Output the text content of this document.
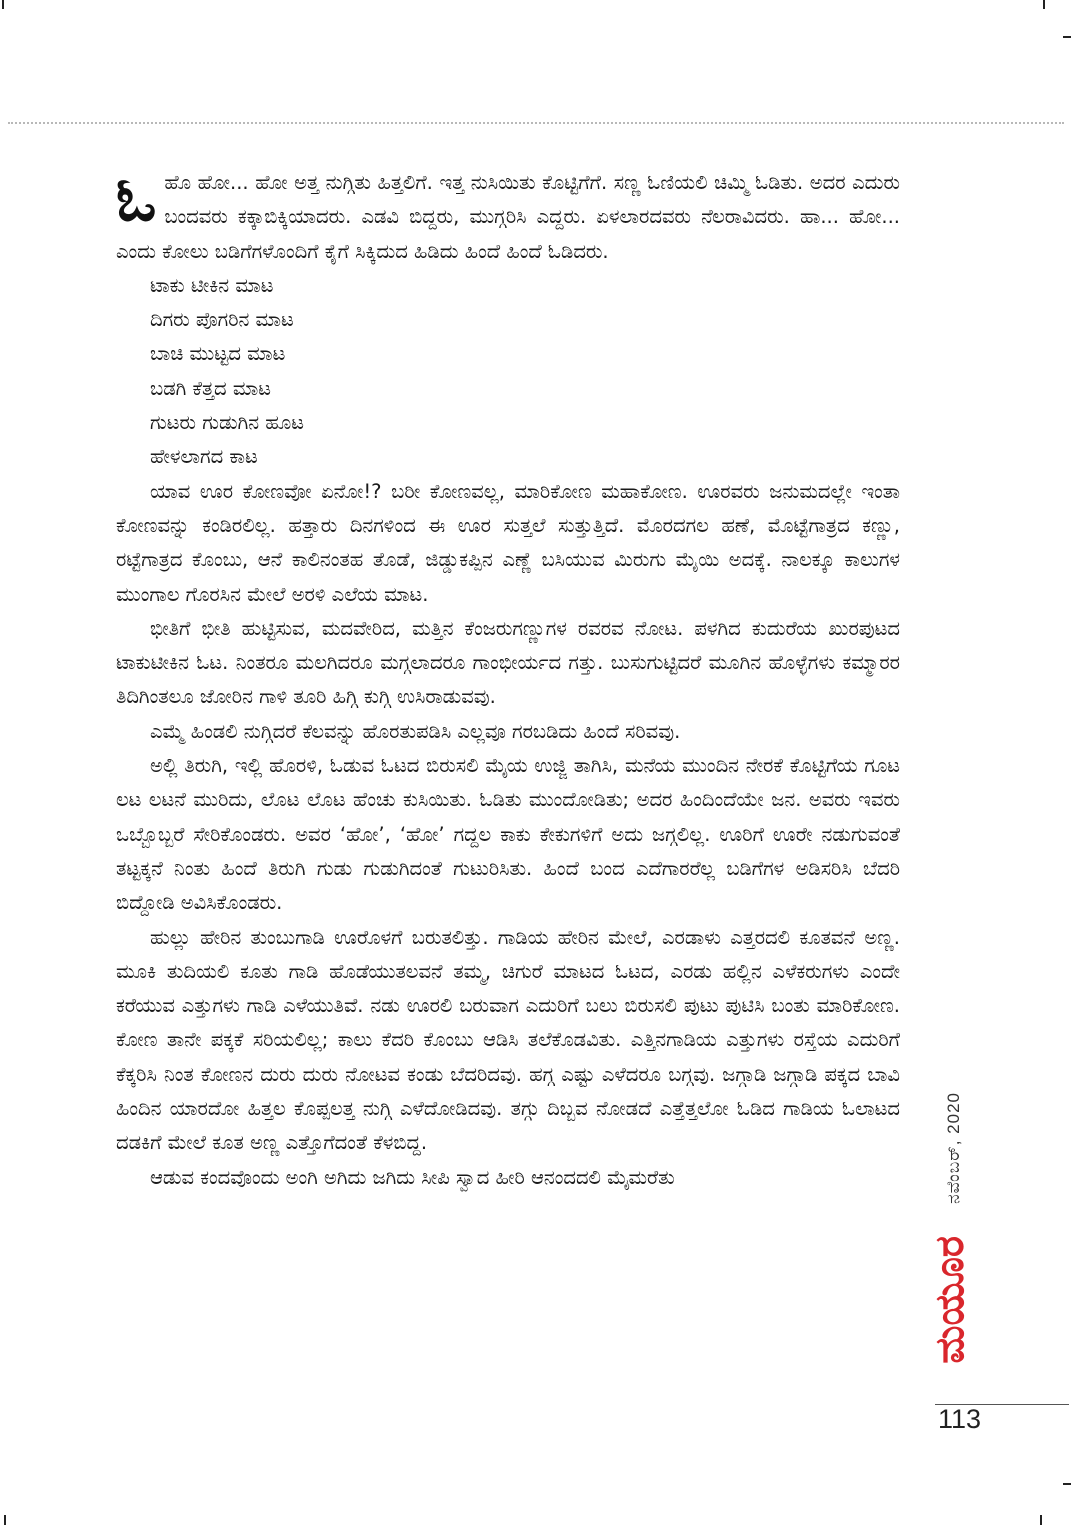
ಓಹೊ ಹೋ... ಹೋ ಅತ್ತ ನುಗ್ಗಿತು ಹಿತ್ತಲಿಗೆ. ಇತ್ತ ನುಸಿಯಿತು ಕೊಟ್ಟಿಗೆಗೆ. ಸಣ್ಣ ಓಣಿಯಲಿ ಚಿಮ್ಮಿ ಓಡಿತು. ಅದರ ಎದುರು ಬಂದವರು ಕಕ್ಕಾಬಿಕ್ಕಿಯಾದರು. ಎಡವಿ ಬಿದ್ದರು, ಮುಗ್ಗರಿಸಿ ಎದ್ದರು. ಏಳಲಾರದವರು ನೆಲರಾವಿದರು. ಹಾ... ಹೋ... ಎಂದು ಕೋಲು ಬಡಿಗೆಗಳೊಂದಿಗೆ ಕೈಗೆ ಸಿಕ್ಕಿದುದ ಹಿಡಿದು ಹಿಂದೆ ಹಿಂದೆ ಓಡಿದರು.

ಟಾಕು ಟೀಕಿನ ಮಾಟ
ದಿಗರು ಪೊಗರಿನ ಮಾಟ
ಬಾಚಿ ಮುಟ್ಟದ ಮಾಟ
ಬಡಗಿ ಕೆತ್ತದ ಮಾಟ
ಗುಟರು ಗುಡುಗಿನ ಹೂಟ
ಹೇಳಲಾಗದ ಕಾಟ

ಯಾವ ಊರ ಕೋಣವೋ ಏನೋ!? ಬರೀ ಕೋಣವಲ್ಲ, ಮಾರಿಕೋಣ ಮಹಾಕೋಣ. ಊರವರು ಜನುಮದಲ್ಲೇ ಇಂತಾ ಕೋಣವನ್ನು ಕಂಡಿರಲಿಲ್ಲ. ಹತ್ತಾರು ದಿನಗಳಿಂದ ಈ ಊರ ಸುತ್ತಲೆ ಸುತ್ತುತ್ತಿದೆ. ಮೊರದಗಲ ಹಣೆ, ಮೊಟ್ಟೆಗಾತ್ರದ ಕಣ್ಣು, ರಟ್ಟೆಗಾತ್ರದ ಕೊಂಬು, ಆನೆ ಕಾಲಿನಂತಹ ತೊಡೆ, ಜಿಡ್ಡುಕಪ್ಪಿನ ಎಣ್ಣೆ ಬಸಿಯುವ ಮಿರುಗು ಮೈಯಿ ಅದಕ್ಕೆ. ನಾಲಕ್ಕೂ ಕಾಲುಗಳ ಮುಂಗಾಲ ಗೊರಸಿನ ಮೇಲೆ ಅರಳಿ ಎಲೆಯ ಮಾಟ.

ಭೀತಿಗೆ ಭೀತಿ ಹುಟ್ಟಿಸುವ, ಮದವೇರಿದ, ಮತ್ತಿನ ಕೆಂಜರುಗಣ್ಣುಗಳ ರವರವ ನೋಟ. ಪಳಗಿದ ಕುದುರೆಯ ಖುರಪುಟದ ಟಾಕುಟೀಕಿನ ಓಟ. ನಿಂತರೂ ಮಲಗಿದರೂ ಮಗ್ಗಲಾದರೂ ಗಾಂಭೀರ್ಯದ ಗತ್ತು. ಬುಸುಗುಟ್ಟಿದರೆ ಮೂಗಿನ ಹೊಳ್ಳೆಗಳು ಕಮ್ಮಾರರ ತಿದಿಗಿಂತಲೂ ಜೋರಿನ ಗಾಳಿ ತೂರಿ ಹಿಗ್ಗಿ ಕುಗ್ಗಿ ಉಸಿರಾಡುವವು.

ಎಮ್ಮೆ ಹಿಂಡಲಿ ನುಗ್ಗಿದರೆ ಕೆಲವನ್ನು ಹೊರತುಪಡಿಸಿ ಎಲ್ಲವೂ ಗರಬಡಿದು ಹಿಂದೆ ಸರಿವವು.

ಅಲ್ಲಿ ತಿರುಗಿ, ಇಲ್ಲಿ ಹೊರಳಿ, ಓಡುವ ಓಟದ ಬಿರುಸಲಿ ಮೈಯ ಉಜ್ಜಿ ತಾಗಿಸಿ, ಮನೆಯ ಮುಂದಿನ ನೇರಕೆ ಕೊಟ್ಟಿಗೆಯ ಗೂಟ ಲಟ ಲಟನೆ ಮುರಿದು, ಲೊಟ ಲೊಟ ಹೆಂಚು ಕುಸಿಯಿತು. ಓಡಿತು ಮುಂದೋಡಿತು; ಅದರ ಹಿಂದಿಂದೆಯೇ ಜನ. ಅವರು ಇವರು ಒಬ್ಬೊಬ್ಬರೆ ಸೇರಿಕೊಂಡರು. ಅವರ ‘ಹೋ’, ‘ಹೋ’ ಗದ್ದಲ ಕಾಕು ಕೇಕುಗಳಿಗೆ ಅದು ಜಗ್ಗಲಿಲ್ಲ. ಊರಿಗೆ ಊರೇ ನಡುಗುವಂತೆ ತಟ್ಟಕ್ಕನೆ ನಿಂತು ಹಿಂದೆ ತಿರುಗಿ ಗುಡು ಗುಡುಗಿದಂತೆ ಗುಟುರಿಸಿತು. ಹಿಂದೆ ಬಂದ ಎದೆಗಾರರೆಲ್ಲ ಬಡಿಗೆಗಳ ಅಡಿಸರಿಸಿ ಬೆದರಿ ಬಿದ್ದೋಡಿ ಅವಿಸಿಕೊಂಡರು.

ಹುಲ್ಲು ಹೇರಿನ ತುಂಬುಗಾಡಿ ಊರೊಳಗೆ ಬರುತಲಿತ್ತು. ಗಾಡಿಯ ಹೇರಿನ ಮೇಲೆ, ಎರಡಾಳು ಎತ್ತರದಲಿ ಕೂತವನೆ ಅಣ್ಣ. ಮೂಕಿ ತುದಿಯಲಿ ಕೂತು ಗಾಡಿ ಹೊಡೆಯುತಲವನೆ ತಮ್ಮ, ಚಿಗುರೆ ಮಾಟದ ಓಟದ, ಎರಡು ಹಲ್ಲಿನ ಎಳೆಕರುಗಳು ಎಂದೇ ಕರೆಯುವ ಎತ್ತುಗಳು ಗಾಡಿ ಎಳೆಯುತಿವೆ. ನಡು ಊರಲಿ ಬರುವಾಗ ಎದುರಿಗೆ ಬಲು ಬಿರುಸಲಿ ಪುಟು ಪುಟಿಸಿ ಬಂತು ಮಾರಿಕೋಣ. ಕೋಣ ತಾನೇ ಪಕ್ಕಕೆ ಸರಿಯಲಿಲ್ಲ; ಕಾಲು ಕೆದರಿ ಕೊಂಬು ಆಡಿಸಿ ತಲೆಕೊಡವಿತು. ಎತ್ತಿನಗಾಡಿಯ ಎತ್ತುಗಳು ರಸ್ತೆಯ ಎದುರಿಗೆ ಕೆಕ್ಕರಿಸಿ ನಿಂತ ಕೋಣನ ದುರು ದುರು ನೋಟವ ಕಂಡು ಬೆದರಿದವು. ಹಗ್ಗ ಎಷ್ಟು ಎಳೆದರೂ ಬಗ್ಗವು. ಜಗ್ಗಾಡಿ ಜಗ್ಗಾಡಿ ಪಕ್ಕದ ಬಾವಿ ಹಿಂದಿನ ಯಾರದೋ ಹಿತ್ತಲ ಕೊಪ್ಪಲತ್ತ ನುಗ್ಗಿ ಎಳೆದೋಡಿದವು. ತಗ್ಗು ದಿಬ್ಬವ ನೋಡದೆ ಎತ್ತೆತ್ತಲೋ ಓಡಿದ ಗಾಡಿಯ ಓಲಾಟದ ದಡಕಿಗೆ ಮೇಲೆ ಕೂತ ಅಣ್ಣ ಎತ್ತೊಗೆದಂತೆ ಕೆಳಬಿದ್ದ.

ಆಡುವ ಕಂದವೊಂದು ಅಂಗಿ ಅಗಿದು ಜಗಿದು ಸೀಪಿ ಸ್ವಾದ ಹೀರಿ ಆನಂದದಲಿ ಮೈಮರೆತು	ನವೆಂಬರ್, 2020
ಮಯೂರ
113
